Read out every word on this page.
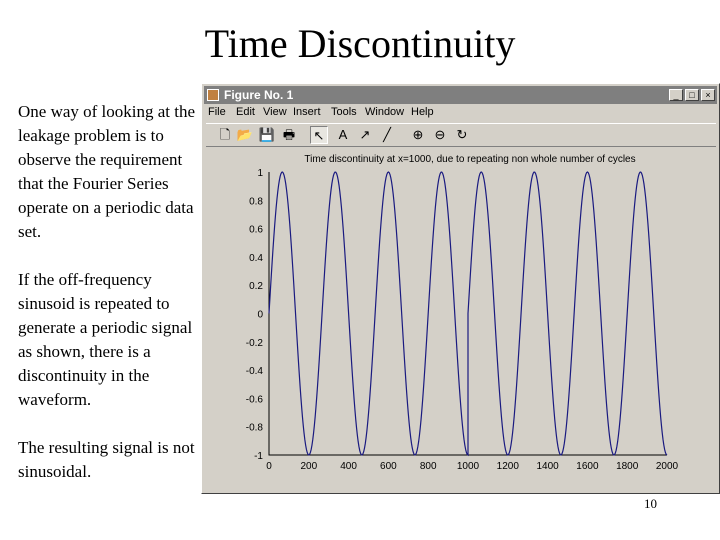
Time Discontinuity

One way of looking at the leakage problem is to observe the requirement that the Fourier Series operate on a periodic data set.

If the off-frequency sinusoid is repeated to generate a periodic signal as shown, there is a discontinuity in the waveform.

The resulting signal is not sinusoidal.

10
Figure No. 1	_	□	×
File Edit View Insert Tools Window Help
🗋 📂 💾 🖶 ↖	A ↗ ╱	⊕ ⊖ ↻
Time discontinuity at x=1000, due to repeating non whole number of cycles
0	200 400 600 800 1000 1200 1400 1600 1800 2000
1
0.8
0.6
0.4
0.2
0
-0.2
-0.4
-0.6
-0.8
-1
